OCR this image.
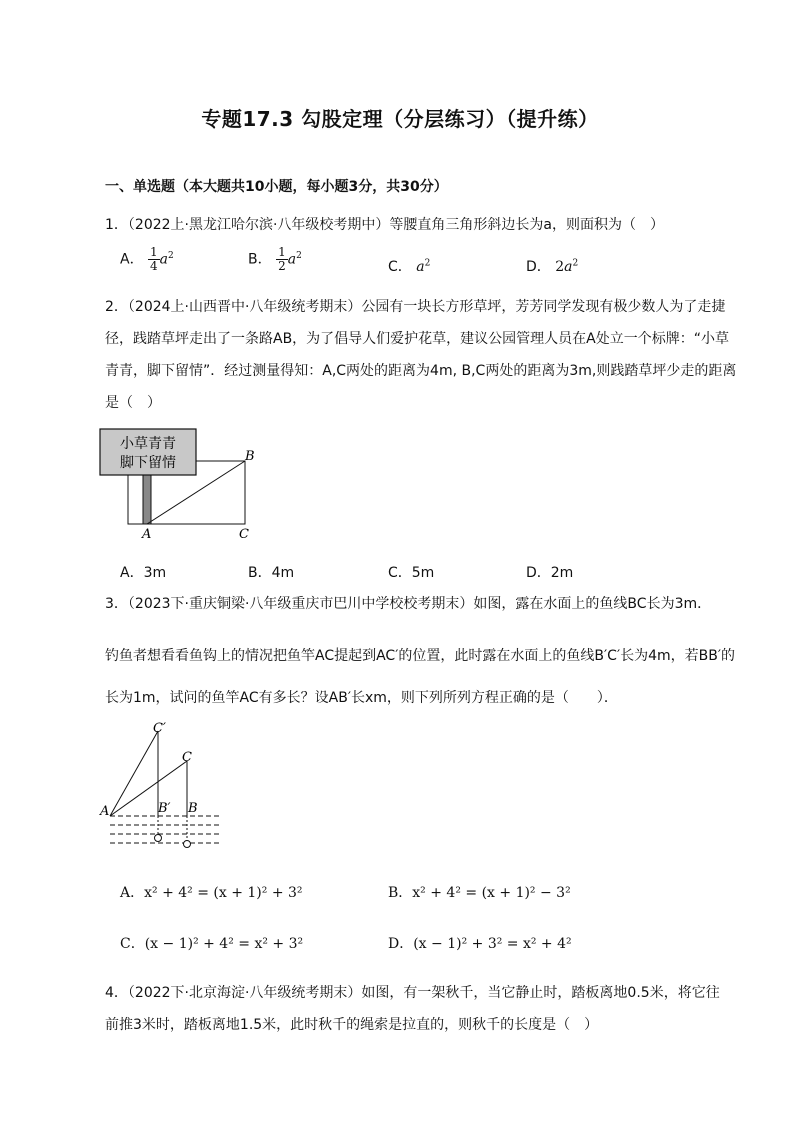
专题17.3 勾股定理（分层练习）（提升练）
一、单选题（本大题共10小题，每小题3分，共30分）
1．（2022上·黑龙江哈尔滨·八年级校考期中）等腰直角三角形斜边长为a，则面积为（　）
A． $\frac{1}{4} a^2$	B． $\frac{1}{2} a^2$
C． $a^2$	D． $2a^2$
2．（2024上·山西晋中·八年级统考期末）公园有一块长方形草坪，芳芳同学发现有极少数人为了走捷
径，践踏草坪走出了一条路AB，为了倡导人们爱护花草，建议公园管理人员在A处立一个标牌：“小草
青青，脚下留情”．经过测量得知：A,C两处的距离为4m, B,C两处的距离为3m,则践踏草坪少走的距离
是（　）
小草青青
脚下留情	B
A	C
A．3m	B．4m	C．5m	D．2m
3．（2023下·重庆铜梁·八年级重庆市巴川中学校校考期末）如图，露在水面上的鱼线BC长为3m．
钓鱼者想看看鱼钩上的情况把鱼竿AC提起到AC′的位置，此时露在水面上的鱼线B′C′长为4m，若BB′的
长为1m，试问的鱼竿AC有多长？设AB′长xm，则下列所列方程正确的是（　　）．
C′
C
A	B′ B
A．x² + 4² = (x + 1)² + 3²	B．x² + 4² = (x + 1)² − 3²
C．(x − 1)² + 4² = x² + 3²	D．(x − 1)² + 3² = x² + 4²
4．（2022下·北京海淀·八年级统考期末）如图，有一架秋千，当它静止时，踏板离地0.5米，将它往
前推3米时，踏板离地1.5米，此时秋千的绳索是拉直的，则秋千的长度是（　）
